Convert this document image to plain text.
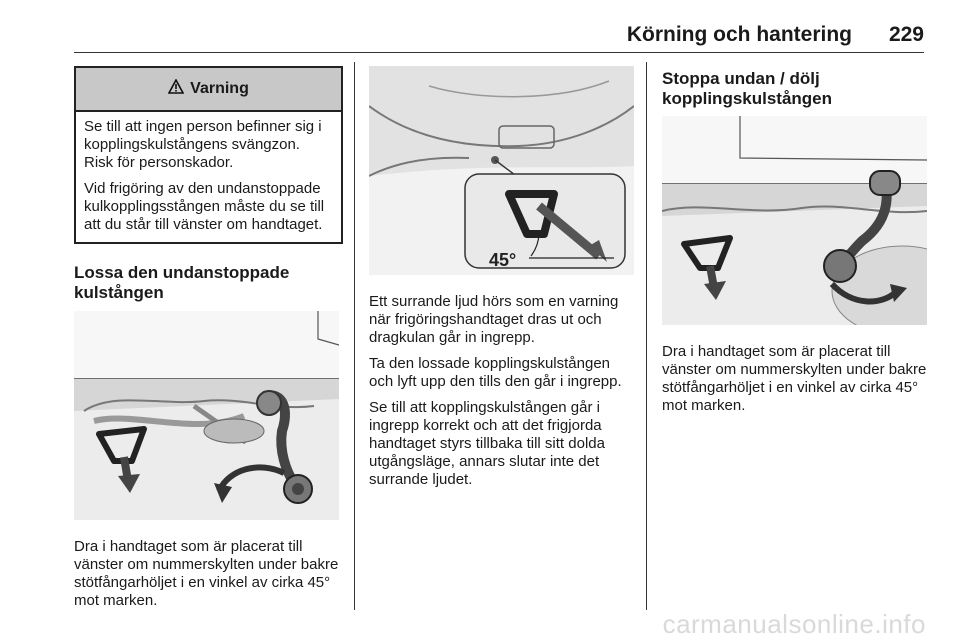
Körning och hantering 229
Varning

Se till att ingen person befinner sig i kopplingskulstångens svängzon. Risk för personskador.

Vid frigöring av den undanstoppade kulkopplingsstången måste du se till att du står till vänster om handtaget.

Lossa den undanstoppade kulstången

Dra i handtaget som är placerat till vänster om nummerskylten under bakre stötfångarhöljet i en vinkel av cirka 45° mot marken.

45°

Ett surrande ljud hörs som en varning när frigöringshandtaget dras ut och dragkulan går in ingrepp.

Ta den lossade kopplingskulstången och lyft upp den tills den går i ingrepp.

Se till att kopplingskulstången går i ingrepp korrekt och att det frigjorda handtaget styrs tillbaka till sitt dolda utgångsläge, annars slutar inte det surrande ljudet.

Stoppa undan / dölj kopplingskulstången

Dra i handtaget som är placerat till vänster om nummerskylten under bakre stötfångarhöljet i en vinkel av cirka 45° mot marken.

carmanualsonline.info
